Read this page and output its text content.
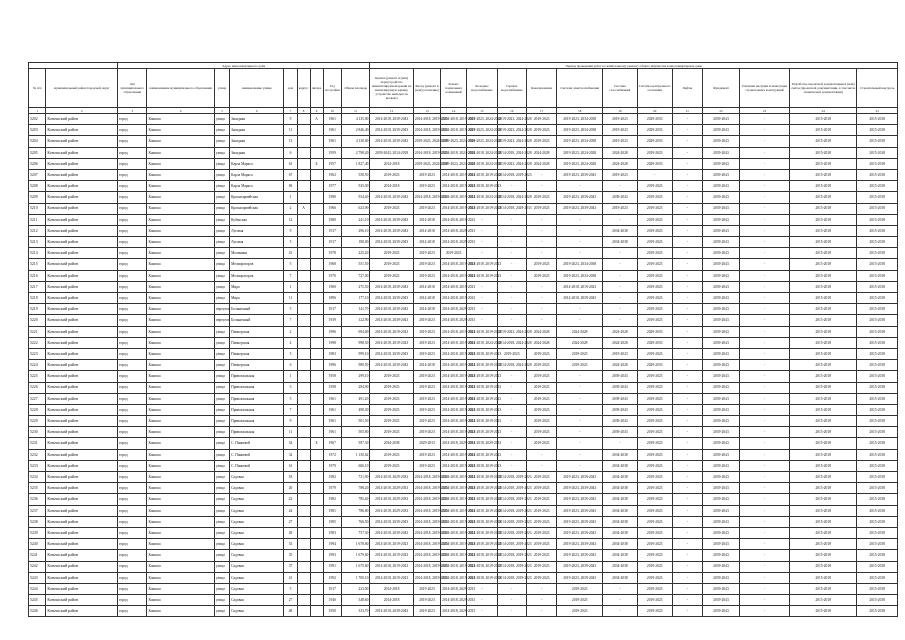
		Адрес многоквартирного дома									Период проведения работ по капитальному ремонту общего имущества в многоквартирном доме													
№ п/п	муниципальный район/городской округ	тип муниципального образования	наименование муниципального образования	улица	наименование улицы	дом	корпус	литера	Год постройки	Общая площадь	Крыша (ремонт и (или) переустройство невентилируемой крыши на вентилируемую крышу, устройство выходов на кровлю)	Фасад (ремонт и (или) утепление)	Ремонт подвальных помещений	Холодное водоснабжение	Горячее водоснабжение	Канализование	Система электроснабжения	Система газоснабжения	Система центрального отопления	Лифты	Фундамент	Усиление несущих и ненесущих строительных конструкций	Разработка проектной документации и (или) сметы (проектной документации, в том числе технической документации)	Строительный контроль
1	2	3	4	5	6	7	8	9	10	11	12	13	14	15	16	17	18	19	20	21	22	23	24	25
5202	Коношский район	город	Коноша	улица	Западная	9		А	1961	4 135,00	2014-2018, 2039-2043	2014-2018, 2019-2023	2014-2018, 2019-2023	2019-2023, 2024-2028	2019-2023, 2024-2028	2019-2023	2019-2023, 2034-2038	2019-2023	2029-2033	-	2039-2043	-	2015-2018	2015-2018
5203	Коношский район	город	Коноша	улица	Западная	11			1961	2 846,40	2014-2018, 2039-2043	2014-2018, 2019-2023	2014-2018, 2019-2023	2019-2023, 2024-2028	2019-2023, 2024-2028	2019-2023	2019-2023, 2034-2038	2019-2023	2029-2033	-	2039-2043	-	2015-2018	2015-2018
5204	Коношский район	город	Коноша	улица	Западная	13			1961	4 130,00	2014-2018, 2039-2043	2019-2023, 2024-2028	2019-2023, 2024-2028	2019-2023, 2024-2028	2019-2023, 2024-2028	2019-2023	2019-2023, 2034-2038	2019-2023	2029-2033	-	2039-2043	-	2015-2018	2015-2018
5205	Коношский район	город	Коноша	улица	Западная	6			1959	2 798,20	2039-2043, 2014-2018	2014-2018, 2019-2023	2014-2018, 2024-2028	2014-2018, 2024-2028	2014-2018, 2024-2028	2024-2028	2019-2023, 2024-2028	2024-2028	2019-2023	-	2039-2043	-	2015-2018	2015-2018
5206	Коношский район	город	Коноша	улица	Карла Маркса	61		Б	1957	1 827,40	2014-2018	2019-2023, 2024-2028	2019-2023, 2024-2028	2014-2018, 2024-2028	2019-2023, 2024-2028	2024-2028	2019-2023, 2024-2028	2024-2028	2029-2033	-	2039-2043	-	2015-2018	2015-2018
5207	Коношский район	город	Коноша	улица	Карла Маркса	67			1962	558,50	2019-2023	2019-2023	2014-2018, 2019-2023	2014-2018, 2019-2023	2014-2018, 2019-2023	-	2019-2023, 2039-2043	2019-2023	-	-	2039-2043	-	2015-2018	2015-2018
5208	Коношский район	город	Коноша	улица	Карла Маркса	69			1977	925,00	2014-2018	2019-2023	2014-2018, 2019-2023	2014-2018, 2019-2023	-	-	-	-	2019-2023	-	2039-2043	-	2015-2018	2015-2018
5209	Коношский район	город	Коноша	улица	Красноармейская	1			1990	934,40	2014-2018, 2039-2043	2014-2018, 2019-2023	2014-2018, 2019-2023	2014-2018, 2024-2028	2014-2018, 2024-2028	2019-2023	2019-2023, 2039-2043	2039-2043	2019-2023	-	2039-2043	-	2015-2018	2015-2018
5210	Коношский район	город	Коноша	улица	Красноармейская	2	А		1966	623,90	2019-2023	2019-2023	2014-2018, 2019-2023	2014-2018, 2019-2023	2014-2018, 2029-2033	2019-2023	2019-2023, 2039-2043	2019-2023	2019-2023	-	2039-2043	-	2015-2018	2015-2018
5211	Коношский район	город	Коноша	улица	Кубенская	12			1980	241,10	2014-2018, 2039-2043	2014-2018	2014-2018, 2019-2023	-	-	-	-	-	2019-2023	-	2039-2043	-	2015-2018	2015-2018
5212	Коношский район	город	Коноша	улица	Луговая	9			1917	296,10	2014-2018, 2039-2043	2014-2018	2014-2018, 2029-2033	-	-	-	-	2034-2038	2019-2023	-	2039-2043	-	2015-2018	2015-2018
5213	Коношский район	город	Коноша	улица	Луговая	5			1917	180,00	2014-2018, 2039-2043	2014-2018	2014-2018, 2029-2033	-	-	-	-	2034-2038	2019-2023	-	2039-2043	-	2015-2018	2015-2018
5214	Коношский район	город	Коноша	улица	Малинина	41			1978	225,20	2019-2023	2019-2023	2019-2023	-	-	-	-	-	2019-2023	-	2039-2043	-	2015-2018	2015-2018
5215	Коношский район	город	Коноша	улица	Мелиораторов	5			1968	551,50	2019-2023	2019-2023	2014-2018, 2019-2023	2014-2018, 2019-2023	-	2019-2023	2019-2023, 2034-2038	-	2019-2023	-	2039-2043	-	2015-2018	2015-2018
5216	Коношский район	город	Коноша	улица	Мелиораторов	7			1970	727,00	2019-2023	2019-2023	2014-2018, 2019-2023	2014-2018, 2019-2023	-	2019-2023	2019-2023, 2034-2038	-	2019-2023	-	2039-2043	-	2015-2018	2015-2018
5217	Коношский район	город	Коноша	улица	Мира	1			1900	275,50	2014-2018, 2039-2043	2014-2018	2014-2018, 2019-2023	-	-	-	2014-2018, 2019-2023	-	2019-2023	-	2039-2043	-	2015-2018	2015-2018
5218	Коношский район	город	Коноша	улица	Мира	11			1896	177,10	2014-2018, 2039-2043	2014-2018	2014-2018, 2019-2023	-	-	-	2014-2018, 2039-2043	-	2019-2023	-	2039-2043	-	2015-2018	2015-2018
5219	Коношский район	город	Коноша	переулок	Больничный	5			1917	141,70	2014-2018, 2039-2043	2014-2018	2014-2018, 2029-2033	-	-	-	-	-	2019-2023	-	2039-2043	-	2015-2018	2015-2018
5220	Коношский район	город	Коноша	переулок	Больничный	7			1939	122,90	2014-2018, 2039-2043	2019-2023	2014-2018, 2029-2033	-	-	-	-	-	2019-2023	-	2039-2043	-	2015-2018	2015-2018
5221	Коношский район	город	Коноша	улица	Пионерская	2			1996	694,00	2014-2018, 2019-2023	2019-2023	2014-2018, 2019-2023	2014-2018, 2019-2023	2019-2023, 2024-2028	2024-2028	2024-2028	2024-2028	2029-2033	-	2039-2043	-	2015-2018	2015-2018
5222	Коношский район	город	Коноша	улица	Пионерская	4			1998	998,50	2014-2018, 2019-2023	2019-2023	2014-2018, 2019-2023	2014-2018, 2024-2028	2014-2018, 2024-2028	2024-2028	2024-2028	2024-2028	2029-2033	-	2039-2043	-	2015-2018	2015-2018
5223	Коношский район	город	Коноша	улица	Пионерская	5			1983	999,10	2014-2018, 2039-2043	2019-2023	2014-2018, 2019-2023	2014-2018, 2019-2023	2019-2023	2019-2023	2019-2023	2019-2023	2019-2023	-	2039-2043	-	2015-2018	2015-2018
5224	Коношский район	город	Коноша	улица	Пионерская	6			1996	980,50	2014-2018, 2039-2043	2014-2018	2014-2018, 2019-2023	2014-2018, 2019-2023	2014-2018, 2024-2028	2019-2023	2019-2023	2024-2028	2029-2033	-	2039-2043	-	2015-2018	2015-2018
5225	Коношский район	город	Коноша	улица	Привокзальная	1			1958	299,10	2019-2023	2019-2023	2014-2018, 2019-2023	2014-2018, 2019-2023	-	2019-2023	-	2039-2043	2019-2023	-	2039-2043	-	2015-2018	2015-2018
5226	Коношский район	город	Коноша	улица	Привокзальная	3			1958	284,90	2019-2023	2019-2023	2014-2018, 2019-2023	2014-2018, 2019-2023	-	2019-2023	-	2039-2043	2019-2023	-	2039-2043	-	2015-2018	2015-2018
5227	Коношский район	город	Коноша	улица	Привокзальная	5			1961	491,20	2019-2023	2019-2023	2014-2018, 2019-2023	2014-2018, 2019-2023	-	2019-2023	-	2039-2043	2019-2023	-	2039-2043	-	2015-2018	2015-2018
5228	Коношский район	город	Коноша	улица	Привокзальная	7			1961	490,30	2019-2023	2019-2023	2014-2018, 2019-2023	2014-2018, 2019-2023	-	2019-2023	-	2039-2043	2019-2023	-	2039-2043	-	2015-2018	2015-2018
5229	Коношский район	город	Коноша	улица	Привокзальная	9			1961	501,50	2019-2023	2019-2023	2014-2018, 2019-2023	2014-2018, 2019-2023	-	2019-2023	-	2039-2043	2019-2023	-	2039-2043	-	2015-2018	2015-2018
5230	Коношский район	город	Коноша	улица	Привокзальная	11			1961	505,80	2019-2023	2019-2023	2014-2018, 2019-2023	2014-2018, 2019-2023	-	2019-2023	-	2039-2043	2019-2023	-	2039-2043	-	2015-2018	2015-2018
5231	Коношский район	город	Коноша	улица	С. Панкевой	34		Б	1967	597,30	2034-2038	2029-2033	2014-2018, 2029-2033	2014-2018, 2029-2033	-	2019-2023	-	-	2019-2023	-	2039-2043	-	2015-2018	2015-2018
5232	Коношский район	город	Коноша	улица	С. Панкевой	32			1972	1 150,62	2019-2023	2019-2023	2014-2018, 2019-2023	2014-2018, 2019-2023	-	-	-	2034-2038	2019-2023	-	2039-2043	-	2015-2018	2015-2018
5233	Коношский район	город	Коноша	улица	С. Панкевой	61			1979	606,10	2019-2023	2019-2023	2014-2018, 2019-2023	2014-2018, 2019-2023	-	-	-	2034-2038	2019-2023	-	2039-2043	-	2015-2018	2015-2018
5234	Коношский район	город	Коноша	улица	Садовая	18			1982	721,90	2014-2018, 2029-2033	2014-2018, 2019-2023	2014-2018, 2019-2023	2014-2018, 2019-2023	2014-2018, 2019-2023	2019-2023	2019-2023, 2039-2043	2034-2038	2019-2023	-	2039-2043	-	2015-2018	2015-2018
5235	Коношский район	город	Коноша	улица	Садовая	20			1979	788,20	2014-2018, 2029-2033	2014-2018, 2019-2023	2014-2018, 2019-2023	2014-2018, 2019-2023	2014-2018, 2019-2023	2019-2023	2019-2023, 2039-2043	2034-2038	2019-2023	-	2039-2043	-	2015-2018	2015-2018
5236	Коношский район	город	Коноша	улица	Садовая	22			1982	785,40	2014-2018, 2029-2033	2014-2018, 2019-2023	2014-2018, 2019-2023	2014-2018, 2019-2023	2014-2018, 2019-2023	2019-2023	2019-2023, 2039-2043	2034-2038	2019-2023	-	2039-2043	-	2015-2018	2015-2018
5237	Коношский район	город	Коноша	улица	Садовая	24			1981	786,80	2014-2018, 2029-2033	2014-2018, 2019-2023	2014-2018, 2019-2023	2014-2018, 2019-2023	2014-2018, 2019-2023	2019-2023	2019-2023, 2039-2043	2034-2038	2019-2023	-	2039-2043	-	2015-2018	2015-2018
5238	Коношский район	город	Коноша	улица	Садовая	27			1985	766,50	2014-2018, 2039-2043	2014-2018, 2019-2023	2014-2018, 2019-2023	2014-2018, 2019-2023	2014-2018, 2019-2023	2019-2023	2019-2023, 2039-2043	2034-2038	2019-2023	-	2039-2043	-	2015-2018	2015-2018
5239	Коношский район	город	Коноша	улица	Садовая	28			1983	757,30	2014-2018, 2039-2043	2014-2018, 2019-2023	2014-2018, 2019-2023	2014-2018, 2019-2023	2014-2018, 2019-2023	2019-2023	2019-2023, 2039-2043	2034-2038	2019-2023	-	2039-2043	-	2015-2018	2015-2018
5240	Коношский район	город	Коноша	улица	Садовая	33			1994	1 678,60	2014-2018, 2019-2023	2014-2018, 2019-2023	2014-2018, 2019-2023	2014-2018, 2019-2023	2014-2018, 2019-2023	2019-2023	2019-2023, 2039-2043	2034-2038	2019-2023	-	2039-2043	-	2015-2018	2015-2018
5241	Коношский район	город	Коноша	улица	Садовая	35			1993	1 679,60	2014-2018, 2019-2023	2014-2018, 2019-2023	2014-2018, 2019-2023	2014-2018, 2019-2023	2014-2018, 2019-2023	2019-2023	2019-2023, 2039-2043	2034-2038	2019-2023	-	2039-2043	-	2015-2018	2015-2018
5242	Коношский район	город	Коноша	улица	Садовая	37			1991	1 675,60	2014-2018, 2019-2023	2014-2018, 2019-2023	2014-2018, 2019-2023	2014-2018, 2019-2023	2014-2018, 2019-2023	2019-2023	2019-2023, 2039-2043	2034-2038	2019-2023	-	2039-2043	-	2015-2018	2015-2018
5243	Коношский район	город	Коноша	улица	Садовая	41			1992	1 700,10	2014-2018, 2019-2023	2014-2018, 2019-2023	2014-2018, 2019-2023	2014-2018, 2019-2023	2014-2018, 2019-2023	2019-2023	2019-2023, 2039-2043	2034-2038	2019-2023	-	2039-2043	-	2015-2018	2015-2018
5244	Коношский район	город	Коноша	улица	Садовая	5			1917	223,00	2014-2018	2019-2023	2014-2018, 2029-2033	-	-	-	2019-2023	-	2019-2023	-	2039-2043	-	2015-2018	2015-2018
5245	Коношский район	город	Коноша	улица	Садовая	27			1940	348,60	2014-2018	2019-2023	2014-2018, 2029-2033	-	-	-	2019-2023	-	2019-2023	-	2039-2043	-	2015-2018	2015-2018
5246	Коношский район	город	Коноша	улица	Садовая	48			1950	333,70	2014-2018, 2039-2043	2019-2023	2014-2018, 2029-2033	-	-	-	2019-2023	-	2019-2023	-	2039-2043	-	2015-2018	2015-2018
